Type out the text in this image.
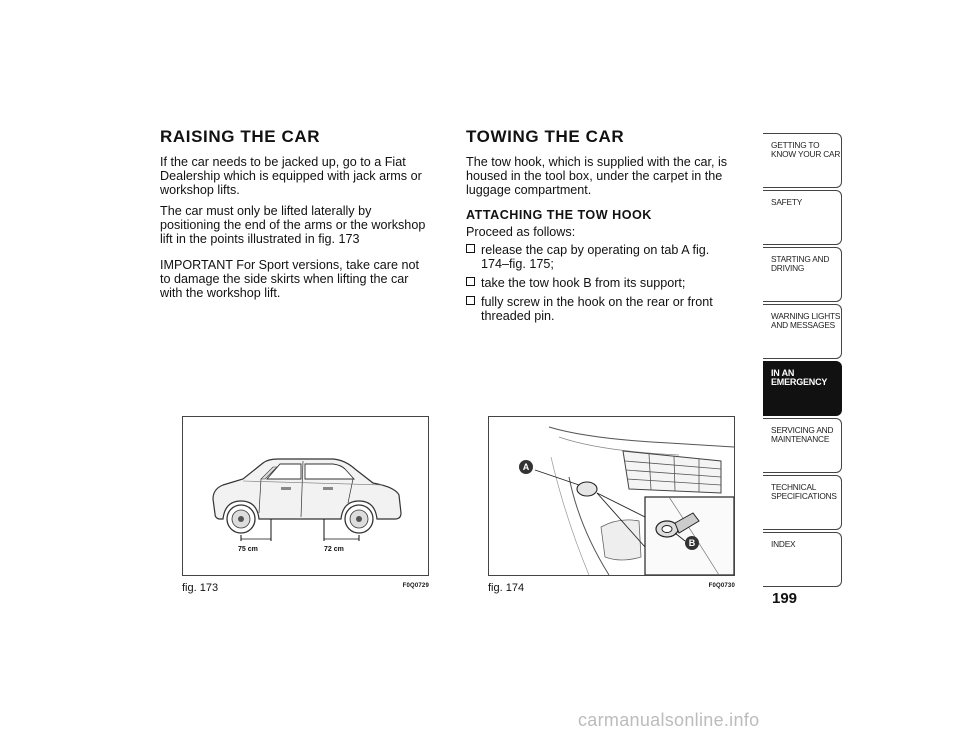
RAISING THE CAR

If the car needs to be jacked up, go to a Fiat Dealership which is equipped with jack arms or workshop lifts.

The car must only be lifted laterally by positioning the end of the arms or the workshop lift in the points illustrated in fig. 173

IMPORTANT For Sport versions, take care not to damage the side skirts when lifting the car with the workshop lift.

TOWING THE CAR

The tow hook, which is supplied with the car, is housed in the tool box, under the carpet in the luggage compartment.

ATTACHING THE TOW HOOK

Proceed as follows:

release the cap by operating on tab A fig. 174–fig. 175;
take the tow hook B from its support;
fully screw in the hook on the rear or front threaded pin.
75 cm	72 cm
fig. 173	F0Q0729
A
B
fig. 174	F0Q0730
GETTING TO KNOW YOUR CAR
SAFETY
STARTING AND DRIVING
WARNING LIGHTS AND MESSAGES
IN AN EMERGENCY
SERVICING AND MAINTENANCE
TECHNICAL SPECIFICATIONS
INDEX
199
carmanualsonline.info
